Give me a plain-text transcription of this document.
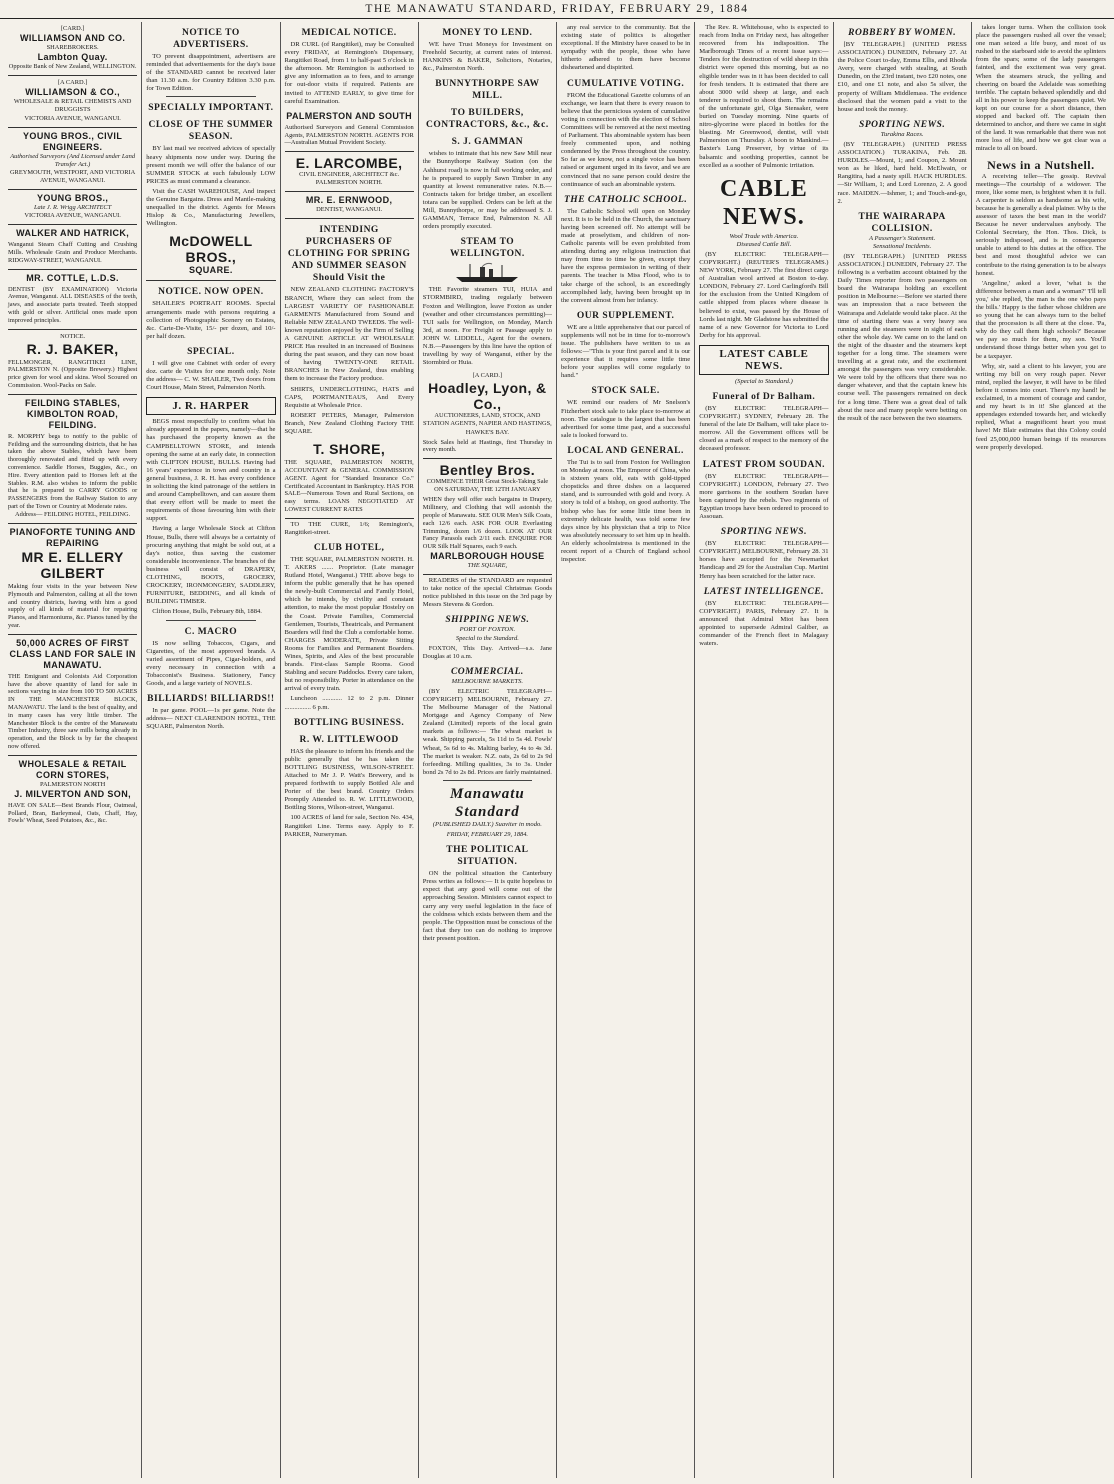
THE MANAWATU STANDARD, FRIDAY, FEBRUARY 29, 1884
[CARD.]
WILLIAMSON AND CO.
SHAREBROKERS.
Lambton Quay.
Opposite Bank of New Zealand, WELLINGTON.
[A CARD.]
WILLIAMSON & CO.,
WHOLESALE & RETAIL CHEMISTS AND DRUGGISTS
VICTORIA AVENUE, WANGANUI.
YOUNG BROS., CIVIL ENGINEERS.
Authorised Surveyors (And Licensed under Land Transfer Act.)
GREYMOUTH, WESTPORT, AND VICTORIA AVENUE, WANGANUI.
YOUNG BROS.,
Late J. R. Wrigg ARCHITECT
VICTORIA AVENUE, WANGANUI.
WALKER AND HATRICK,
Wanganui Steam Chaff Cutting and Crushing Mills. Wholesale Grain and Produce Merchants. RIDGWAY-STREET, WANGANUI.
MR. COTTLE, L.D.S.
DENTIST (BY EXAMINATION) Victoria Avenue, Wanganui. ALL DISEASES of the teeth, jaws, and associate parts treated. Teeth stopped with gold or silver. Artificial ones made upon improved principles.
NOTICE.
R. J. BAKER,
FELLMONGER, RANGITIKEI LINE, PALMERSTON N. (Opposite Brewery.) Highest price given for wool and skins. Wool Scoured on Commission. Wool-Packs on Sale.
FEILDING STABLES, KIMBOLTON ROAD, FEILDING.
R. MORPHY begs to notify to the public of Feilding and the surrounding districts, that he has taken the above Stables, which have been thoroughly renovated and fitted up with every convenience. Saddle Horses, Buggies, &c., on Hire. Every attention paid to Horses left at the Stables. R.M. also wishes to inform the public that he is prepared to CARRY GOODS or PASSENGERS from the Railway Station to any part of the Town or Country at Moderate rates.
Address— FEILDING HOTEL, FEILDING.
PIANOFORTE TUNING AND REPAIRING
MR E. ELLERY GILBERT
Making four visits in the year between New Plymouth and Palmerston, calling at all the town and country districts, having with him a good supply of all kinds of material for repairing Pianos, and Harmoniums, &c. Pianos tuned by the year.
50,000 ACRES OF FIRST CLASS LAND FOR SALE IN MANAWATU.
THE Emigrant and Colonists Aid Corporation have the above quantity of land for sale in sections varying in size from 100 TO 500 ACRES IN THE MANCHESTER BLOCK, MANAWATU. The land is the best of quality, and in many cases has very little timber. The Manchester Block is the centre of the Manawatu Timber Industry, three saw mills being already in operation, and the Block is by far the cheapest now offered.
WHOLESALE & RETAIL CORN STORES,
PALMERSTON NORTH
J. MILVERTON AND SON,
HAVE ON SALE—Best Brands Flour, Oatmeal, Pollard, Bran, Barleymeal, Oats, Chaff, Hay, Fowls' Wheat, Seed Potatoes, &c., &c.
NOTICE TO ADVERTISERS.
TO prevent disappointment, advertisers are reminded that advertisements for the day's issue of the STANDARD cannot be received later than 11.30 a.m. for Country Edition 3.30 p.m. for Town Edition.
SPECIALLY IMPORTANT.
CLOSE OF THE SUMMER SEASON.
BY last mail we received advices of specially heavy shipments now under way. During the present month we will offer the balance of our SUMMER STOCK at such fabulously LOW PRICES as must command a clearance.
Visit the CASH WAREHOUSE, And inspect the Genuine Bargains. Dress and Mantle-making unequalled in the district. Agents for Messrs Hislop & Co., Manufacturing Jewellers, Wellington.
McDOWELL BROS.,
SQUARE.
NOTICE. NOW OPEN.
SHAILER'S PORTRAIT ROOMS. Special arrangements made with persons requiring a collection of Photographic Scenery on Estates, &c. Carte-De-Visite, 15/- per dozen, and 10/- per half dozen.
SPECIAL.
I will give one Cabinet with order of every doz. carte de Visites for one month only. Note the address— C. W. SHAILER, Two doors from Court House, Main Street, Palmerston North.
J. R. HARPER
BEGS most respectfully to confirm what his already appeared in the papers, namely—that he has purchased the property known as the CAMPBELLTOWN STORE, and intends opening the same at an early date, in connection with CLIFTON HOUSE, BULLS. Having had 16 years' experience in town and country in a general business, J. R. H. has every confidence in soliciting the kind patronage of the settlers in and around Campbelltown, and can assure them that every effort will be made to meet the requirements of those favouring him with their support.
Having a large Wholesale Stock at Clifton House, Bulls, there will always be a certainty of procuring anything that might be sold out, at a day's notice, thus saving the customer considerable inconvenience. The branches of the business will consist of DRAPERY, CLOTHING, BOOTS, GROCERY, CROCKERY, IRONMONGERY, SADDLERY, FURNITURE, BEDDING, and all kinds of BUILDING TIMBER.
Clifton House, Bulls, February 8th, 1884.
C. MACRO
IS now selling Tobaccos, Cigars, and Cigarettes, of the most approved brands. A varied assortment of Pipes, Cigar-holders, and every necessary in connection with a Tobacconist's Business. Stationery, Fancy Goods, and a large variety of NOVELS.
BILLIARDS! BILLIARDS!!
In par game. POOL—1s per game. Note the address— NEXT CLARENDON HOTEL, THE SQUARE, Palmerston North.
MEDICAL NOTICE.
DR CURL (of Rangitikei), may be Consulted every FRIDAY, at Remington's Dispensary, Rangitikei Road, from 1 to half-past 5 o'clock in the afternoon. Mr Remington is authorised to give any information as to fees, and to arrange for out-door visits if required. Patients are invited to ATTEND EARLY, to give time for careful Examination.
PALMERSTON AND SOUTH
Authorised Surveyors and General Commission Agents, PALMERSTON NORTH. AGENTS FOR—Australian Mutual Provident Society.
E. LARCOMBE,
CIVIL ENGINEER, ARCHITECT &c. PALMERSTON NORTH.
MR. E. ERNWOOD,
DENTIST, WANGANUI.
INTENDING PURCHASERS OF CLOTHING FOR SPRING AND SUMMER SEASON Should Visit the
NEW ZEALAND CLOTHING FACTORY'S BRANCH, Where they can select from the LARGEST VARIETY OF FASHIONABLE GARMENTS Manufactured from Sound and Reliable NEW ZEALAND TWEEDS. The well-known reputation enjoyed by the Firm of Selling A GENUINE ARTICLE AT WHOLESALE PRICE Has resulted in an increased of Business during the past season, and they can now boast of having TWENTY-ONE RETAIL BRANCHES in New Zealand, thus enabling them to increase the Factory produce.
SHIRTS, UNDERCLOTHING, HATS and CAPS, PORTMANTEAUS, And Every Requisite at Wholesale Price.
ROBERT PETERS, Manager, Palmerston Branch, New Zealand Clothing Factory THE SQUARE.
T. SHORE,
THE SQUARE, PALMERSTON NORTH, ACCOUNTANT & GENERAL COMMISSION AGENT. Agent for "Standard Insurance Co." Certificated Accountant in Bankruptcy. HAS FOR SALE—Numerous Town and Rural Sections, on easy terms. LOANS NEGOTIATED AT LOWEST CURRENT RATES
TO THE CURE, 1/6; Remington's, Rangitikei-street.
CLUB HOTEL,
THE SQUARE, PALMERSTON NORTH. H. T. AKERS ....... Proprietor. (Late manager Rutland Hotel, Wanganui.) THE above begs to inform the public generally that he has opened the newly-built Commercial and Family Hotel, which he intends, by civility and constant attention, to make the most popular Hostelry on the Coast. Private Families, Commercial Gentlemen, Tourists, Theatricals, and Permanent Boarders will find the Club a comfortable home. CHARGES MODERATE, Private Sitting Rooms for Families and Permanent Boarders. Wines, Spirits, and Ales of the best procurable brands. First-class Sample Rooms. Good Stabling and secure Paddocks. Every care taken, but no responsibility. Porter in attendance on the arrival of every train.
Luncheon ............ 12 to 2 p.m. Dinner ................ 6 p.m.
BOTTLING BUSINESS.
R. W. LITTLEWOOD
HAS the pleasure to inform his friends and the public generally that he has taken the BOTTLING BUSINESS, WILSON-STREET. Attached to Mr J. P. Watt's Brewery, and is prepared forthwith to supply Bottled Ale and Porter of the best brand. Country Orders Promptly Attended to. R. W. LITTLEWOOD, Bottling Stores, Wilson-street, Wanganui.
100 ACRES of land for sale, Section No. 434, Rangitikei Line. Terms easy. Apply to F. PARKER, Nurseryman.
MONEY TO LEND.
WE have Trust Moneys for Investment on Freehold Security, at current rates of interest. HANKINS & BAKER, Solicitors, Notaries, &c., Palmerston North.
BUNNYTHORPE SAW MILL.
TO BUILDERS, CONTRACTORS, &c., &c.
S. J. GAMMAN
wishes to intimate that his new Saw Mill near the Bunnythorpe Railway Station (on the Ashhurst road) is now in full working order, and he is prepared to supply Sawn Timber in any quantity at lowest remunerative rates. N.B.—Contracts taken for bridge timber, an excellent totara can be supplied. Orders can be left at the Mill, Bunnythorpe, or may be addressed S. J. GAMMAN, Terrace End, Palmerston N. All orders promptly executed.
STEAM TO WELLINGTON.
THE Favorite steamers TUI, HUIA and STORMBIRD, trading regularly between Foxton and Wellington, leave Foxton as under (weather and other circumstances permitting)— TUI sails for Wellington, on Monday, March 3rd, at noon. For Freight or Passage apply to JOHN W. LIDDELL, Agent for the owners. N.B.—Passengers by this line have the option of travelling by way of Wanganui, either by the Stormbird or Huia.
[A CARD.]
Hoadley, Lyon, & Co.,
AUCTIONEERS, LAND, STOCK, AND STATION AGENTS, NAPIER AND HASTINGS, HAWKE'S BAY.
Stock Sales held at Hastings, first Thursday in every month.
Bentley Bros.
COMMENCE THEIR Great Stock-Taking Sale
ON SATURDAY, THE 12TH JANUARY
WHEN they will offer such bargains in Drapery, Millinery, and Clothing that will astonish the people of Manawatu. SEE OUR Men's Silk Coats, each 12/6 each. ASK FOR OUR Everlasting Trimming, dozen 1/6 dozen. LOOK AT OUR Fancy Parasols each 2/11 each. ENQUIRE FOR OUR Silk Half Squares, each 9 each.
MARLBOROUGH HOUSE
THE SQUARE,
READERS of the STANDARD are requested to take notice of the special Christmas Goods notice published in this issue on the 3rd page by Messrs Stevens & Gordon.
SHIPPING NEWS.
PORT OF FOXTON.
Special to the Standard.
FOXTON, This Day. Arrived—s.s. Jane Douglas at 10 a.m.
COMMERCIAL.
MELBOURNE MARKETS.
(BY ELECTRIC TELEGRAPH—COPYRIGHT) MELBOURNE, February 27. The Melbourne Manager of the National Mortgage and Agency Company of New Zealand (Limited) reports of the local grain markets as follows:— The wheat market is weak. Shipping parcels, 5s 11d to 5s 4d. Fowls' Wheat, 5s 6d to 4s. Malting barley, 4s to 4s 3d. The market is weaker. N.Z. oats, 2s 6d to 2s 9d forfeeding. Milling qualities, 3s to 3s. Under bond 2s 7d to 2s 8d. Prices are fairly maintained.
Manawatu Standard
(PUBLISHED DAILY.) Suaviter in modo.
FRIDAY, FEBRUARY 29, 1884.
THE POLITICAL SITUATION.
ON the political situation the Canterbury Press writes as follows:— It is quite hopeless to expect that any good will come out of the approaching Session. Ministers cannot expect to carry any very useful legislation in the face of the coldness which exists between them and the people. The Opposition must be conscious of the fact that they too can do nothing to improve their present position.
any real service to the community. But the existing state of politics is altogether exceptional. If the Ministry have ceased to be in sympathy with the people, those who have hitherto adhered to them have become disheartened and dispirited.
CUMULATIVE VOTING.
FROM the Educational Gazette columns of an exchange, we learn that there is every reason to believe that the pernicious system of cumulative voting in connection with the election of School Committees will be removed at the next meeting of Parliament. This abominable system has been freely commented upon, and nothing condemned by the Press throughout the country. So far as we know, not a single voice has been raised or argument urged in its favor, and we are convinced that no sane person could desire the continuance of such an abominable system.
THE CATHOLIC SCHOOL.
The Catholic School will open on Monday next. It is to be held in the Church, the sanctuary having been screened off. No attempt will be made at proselytism, and children of non-Catholic parents will be even prohibited from attending during any religious instruction that may from time to time be given, except they have the express permission in writing of their parents. The teacher is Miss Flood, who is to take charge of the school, is an exceedingly accomplished lady, having been brought up in the convent almost from her infancy.
OUR SUPPLEMENT.
WE are a little apprehensive that our parcel of supplements will not be in time for to-morrow's issue. The publishers have written to us as follows:—"This is your first parcel and it is our experience that it requires some little time before your supplies will come regularly to hand."
STOCK SALE.
WE remind our readers of Mr Snelson's Fitzherbert stock sale to take place to-morrow at noon. The catalogue is the largest that has been advertised for some time past, and a successful sale is looked forward to.
LOCAL AND GENERAL.
The Tui is to sail from Foxton for Wellington on Monday at noon. The Emperor of China, who is sixteen years old, eats with gold-tipped chopsticks and three dishes on a lacquered stand, and is surrounded with gold and ivory. A story is told of a bishop, on good authority. The bishop who has for some little time been in extremely delicate health, was told some few days since by his physician that a trip to Nice was absolutely necessary to set him up in health. An elderly schoolmistress is mentioned in the recent report of a Church of England school inspector.
The Rev. R. Whitehouse, who is expected to reach from India on Friday next, has altogether recovered from his indisposition. The Marlborough Times of a recent issue says:—Tenders for the destruction of wild sheep in this district were opened this morning, but as no eligible tender was in it has been decided to call for fresh tenders. It is estimated that there are about 3000 wild sheep at large, and each tenderer is required to shoot them. The remains of the unfortunate girl, Olga Stensaker, were buried on Tuesday morning. Nine quarts of nitro-glycerine were placed in bottles for the blasting. Mr Greenwood, dentist, will visit Palmerston on Thursday. A boon to Mankind.—Baxter's Lung Preserver, by virtue of its balsamic and soothing properties, cannot be excelled as a soother of Pulmonic irritation.
CABLE NEWS.
Wool Trade with America.
Diseased Cattle Bill.
(BY ELECTRIC TELEGRAPH—COPYRIGHT.) (REUTER'S TELEGRAMS.) NEW YORK, February 27. The first direct cargo of Australian wool arrived at Boston to-day. LONDON, February 27. Lord Carlingford's Bill for the exclusion from the United Kingdom of cattle shipped from places where disease is believed to exist, was passed by the House of Lords last night. Mr Gladstone has submitted the name of a new Governor for Victoria to Lord Derby for his approval.
LATEST CABLE NEWS.
(Special to Standard.)
Funeral of Dr Balham.
(BY ELECTRIC TELEGRAPH—COPYRIGHT.) SYDNEY, February 28. The funeral of the late Dr Balham, will take place to-morrow. All the Government offices will be closed as a mark of respect to the memory of the deceased professor.
LATEST FROM SOUDAN.
(BY ELECTRIC TELEGRAPH—COPYRIGHT.) LONDON, February 27. Two more garrisons in the southern Soudan have been captured by the rebels. Two regiments of Egyptian troops have been ordered to proceed to Assouan.
SPORTING NEWS.
(BY ELECTRIC TELEGRAPH—COPYRIGHT.) MELBOURNE, February 28. 31 horses have accepted for the Newmarket Handicap and 29 for the Australian Cup. Martini Henry has been scratched for the latter race.
LATEST INTELLIGENCE.
(BY ELECTRIC TELEGRAPH—COPYRIGHT.) PARIS, February 27. It is announced that Admiral Miot has been appointed to supersede Admiral Galiber, as commander of the French fleet in Malagasy waters.
ROBBERY BY WOMEN.
[BY TELEGRAPH.] (UNITED PRESS ASSOCIATION.) DUNEDIN, February 27. At the Police Court to-day, Emma Ellis, and Rhoda Avery, were charged with stealing, at South Dunedin, on the 23rd instant, two £20 notes, one £10, and one £1 note, and also 5s silver, the property of William Middlemass. The evidence disclosed that the women paid a visit to the house and took the money.
SPORTING NEWS.
Turakina Races.
(BY TELEGRAPH.) (UNITED PRESS ASSOCIATION.) TURAKINA, Feb. 28. HURDLES.—Mount, 1; and Coupon, 2. Mount won as he liked, hard held. McElwain, or Rangitira, had a nasty spill. HACK HURDLES.—Sir William, 1; and Lord Lorenzo, 2. A good race. MAIDEN.—Ishmer, 1; and Touch-and-go, 2.
THE WAIRARAPA COLLISION.
A Passenger's Statement.
Sensational Incidents.
(BY TELEGRAPH.) [UNITED PRESS ASSOCIATION.] DUNEDIN, February 27. The following is a verbatim account obtained by the Daily Times reporter from two passengers on board the Wairarapa holding an excellent position in Melbourne:—Before we started there was an impression that a race between the Wairarapa and Adelaide would take place. At the time of starting there was a very heavy sea running and the steamers were in sight of each other the whole day. We came on to the land on the night of the disaster and the steamers kept together for a long time. The steamers were travelling at a great rate, and the excitement amongst the passengers was very considerable. We were told by the officers that there was no danger whatever, and that the captain knew his course well. The passengers remained on deck for a long time. There was a great deal of talk about the race and many people were betting on the result of the race between the two steamers.
takes longer turns. When the collision took place the passengers rushed all over the vessel; one man seized a life buoy, and most of us rushed to the starboard side to avoid the splinters from the spars; some of the lady passengers fainted, and the excitement was very great. When the steamers struck, the yelling and cheering on board the Adelaide was something terrible. The captain behaved splendidly and did all in his power to keep the passengers quiet. We kept on our course for a short distance, then stopped and backed off. The captain then determined to anchor, and there we came in sight of the land. It was remarkable that there was not more loss of life, and how we got clear was a miracle to all on board.
News in a Nutshell.
A receiving teller—The gossip. Revival meetings—The courtship of a widower. The more, like some men, is brightest when it is full. A carpenter is seldom as handsome as his wife, because he is generally a deal plainer. Why is the assessor of taxes the best man in the world? Because he never undervalues anybody. The Colonial Secretary, the Hon. Thos. Dick, is seriously indisposed, and is in consequence unable to attend to his duties at the office. The best and most thoughtful advice we can contribute to the rising generation is to be always honest.
'Angeline,' asked a lover, 'what is the difference between a man and a woman?' 'I'll tell you,' she replied, 'the man is the one who pays the bills.' Happy is the father whose children are so young that he can always turn to the belief that the procession is all there at the close. 'Pa, why do they call them high schools?' Because we pay so much for them, my son. You'll understand those things better when you get to be a taxpayer.
Why, sir, said a client to his lawyer, you are writing my bill on very rough paper. Never mind, replied the lawyer, it will have to be filed before it comes into court. There's my hand! he exclaimed, in a moment of courage and candor, and my heart is in it! She glanced at the appendages extended towards her, and wickedly replied, What a magnificent heart you must have! Mr Blair estimates that this Colony could feed 25,000,000 human beings if its resources were properly developed.
